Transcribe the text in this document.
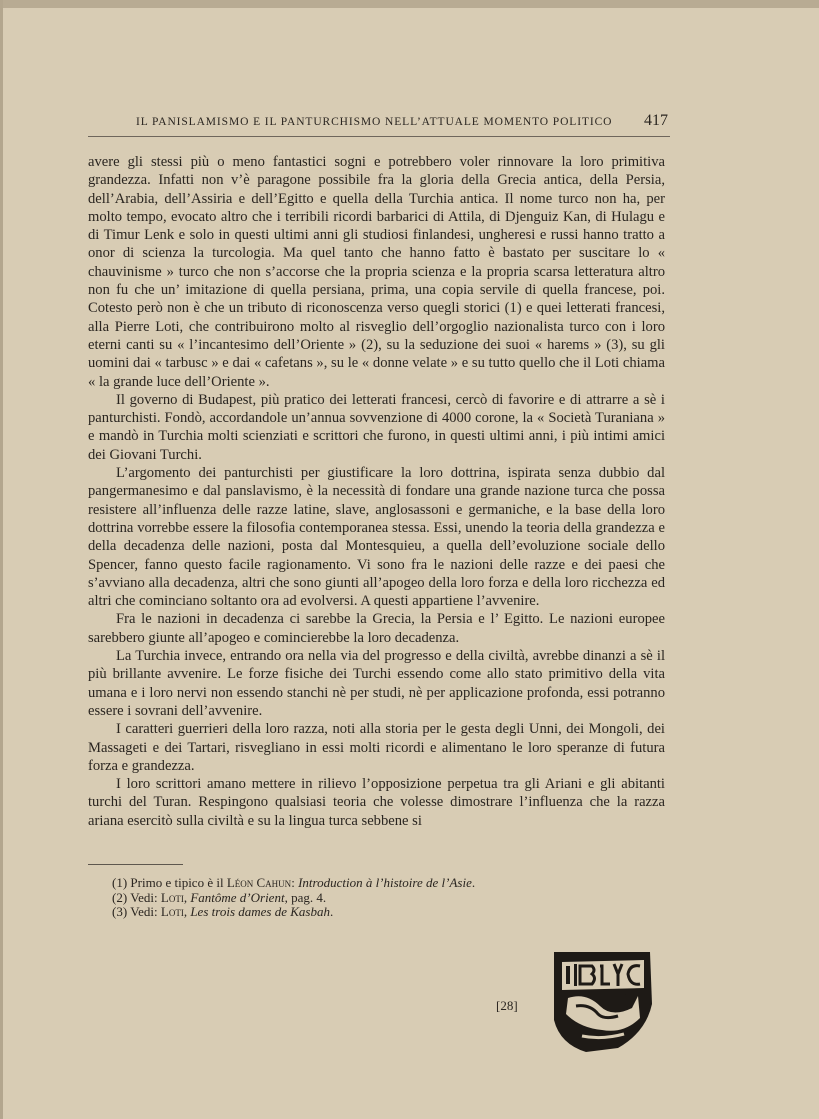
IL PANISLAMISMO E IL PANTURCHISMO NELL’ATTUALE MOMENTO POLITICO 417

avere gli stessi più o meno fantastici sogni e potrebbero voler rinnovare la loro primitiva grandezza. Infatti non v’è paragone possibile fra la gloria della Grecia antica, della Persia, dell’Arabia, dell’Assiria e dell’Egitto e quella della Turchia antica. Il nome turco non ha, per molto tempo, evocato altro che i terribili ricordi barbarici di Attila, di Djenguiz Kan, di Hulagu e di Timur Lenk e solo in questi ultimi anni gli studiosi finlandesi, ungheresi e russi hanno tratto a onor di scienza la turcologia. Ma quel tanto che hanno fatto è bastato per suscitare lo « chauvinisme » turco che non s’accorse che la propria scienza e la propria scarsa letteratura altro non fu che un’ imitazione di quella persiana, prima, una copia servile di quella francese, poi. Cotesto però non è che un tributo di riconoscenza verso quegli storici (1) e quei letterati francesi, alla Pierre Loti, che contribuirono molto al risveglio dell’orgoglio nazionalista turco con i loro eterni canti su « l’incantesimo dell’Oriente » (2), su la seduzione dei suoi « harems » (3), su gli uomini dai « tarbusc » e dai « cafetans », su le « donne velate » e su tutto quello che il Loti chiama « la grande luce dell’Oriente ».

Il governo di Budapest, più pratico dei letterati francesi, cercò di favorire e di attrarre a sè i panturchisti. Fondò, accordandole un’annua sovvenzione di 4000 corone, la « Società Turaniana » e mandò in Turchia molti scienziati e scrittori che furono, in questi ultimi anni, i più intimi amici dei Giovani Turchi.

L’argomento dei panturchisti per giustificare la loro dottrina, ispirata senza dubbio dal pangermanesimo e dal panslavismo, è la necessità di fondare una grande nazione turca che possa resistere all’influenza delle razze latine, slave, anglosassoni e germaniche, e la base della loro dottrina vorrebbe essere la filosofia contemporanea stessa. Essi, unendo la teoria della grandezza e della decadenza delle nazioni, posta dal Montesquieu, a quella dell’evoluzione sociale dello Spencer, fanno questo facile ragionamento. Vi sono fra le nazioni delle razze e dei paesi che s’avviano alla decadenza, altri che sono giunti all’apogeo della loro forza e della loro ricchezza ed altri che cominciano soltanto ora ad evolversi. A questi appartiene l’avvenire.

Fra le nazioni in decadenza ci sarebbe la Grecia, la Persia e l’ Egitto. Le nazioni europee sarebbero giunte all’apogeo e comincierebbe la loro decadenza.

La Turchia invece, entrando ora nella via del progresso e della civiltà, avrebbe dinanzi a sè il più brillante avvenire. Le forze fisiche dei Turchi essendo come allo stato primitivo della vita umana e i loro nervi non essendo stanchi nè per studi, nè per applicazione profonda, essi potranno essere i sovrani dell’avvenire.

I caratteri guerrieri della loro razza, noti alla storia per le gesta degli Unni, dei Mongoli, dei Massageti e dei Tartari, risvegliano in essi molti ricordi e alimentano le loro speranze di futura forza e grandezza.

I loro scrittori amano mettere in rilievo l’opposizione perpetua tra gli Ariani e gli abitanti turchi del Turan. Respingono qualsiasi teoria che volesse dimostrare l’influenza che la razza ariana esercitò sulla civiltà e su la lingua turca sebbene si

(1) Primo e tipico è il Léon Cahun: Introduction à l’histoire de l’Asie.
(2) Vedi: Loti, Fantôme d’Orient, pag. 4.
(3) Vedi: Loti, Les trois dames de Kasbah.
[28]
